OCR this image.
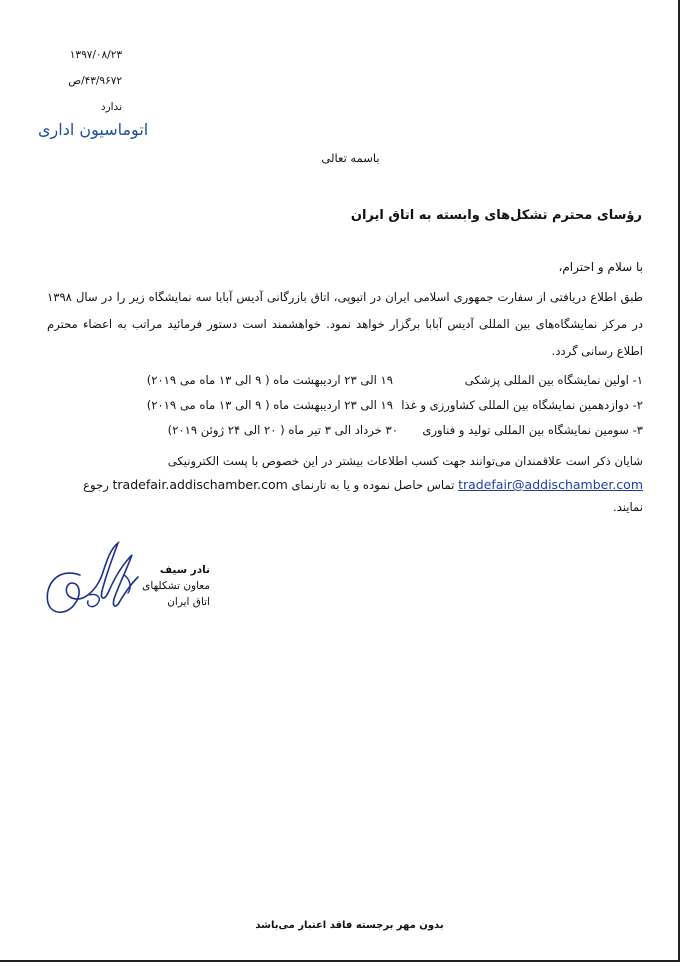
۱۳۹۷/۰۸/۲۳
۴۳/۹۶۷۲/ص
ندارد
اتوماسیون اداری
باسمه تعالی
رؤسای محترم تشکل‌های وابسته به اتاق ایران
با سلام و احترام،

طبق اطلاع دریافتی از سفارت جمهوری اسلامی ایران در اتیوپی، اتاق بازرگانی آدیس آبابا سه نمایشگاه زیر را در سال ۱۳۹۸ در مرکز نمایشگاه‌های بین المللی آدیس آبابا برگزار خواهد نمود. خواهشمند است دستور فرمائید مراتب به اعضاء محترم اطلاع رسانی گردد.

۱- اولین نمایشگاه بین المللی پزشکی
۱۹ الی ۲۳ اردیبهشت ماه ( ۹ الی ۱۳ ماه می ۲۰۱۹)
۲- دوازدهمین نمایشگاه بین المللی کشاورزی و غذا
۱۹ الی ۲۳ اردیبهشت ماه ( ۹ الی ۱۳ ماه می ۲۰۱۹)
۳- سومین نمایشگاه بین المللی تولید و فناوری
۳۰ خرداد الی ۳ تیر ماه ( ۲۰ الی ۲۴ ژوئن ۲۰۱۹)
شایان ذکر است علاقمندان می‌توانند جهت کسب اطلاعات بیشتر در این خصوص با پست الکترونیکی
tradefair@addischamber.com تماس حاصل نموده و یا به تارنمای tradefair.addischamber.com رجوع
نمایند.
نادر سیف
معاون تشکلهای
اتاق ایران
بدون مهر برجسته فاقد اعتبار می‌باشد
